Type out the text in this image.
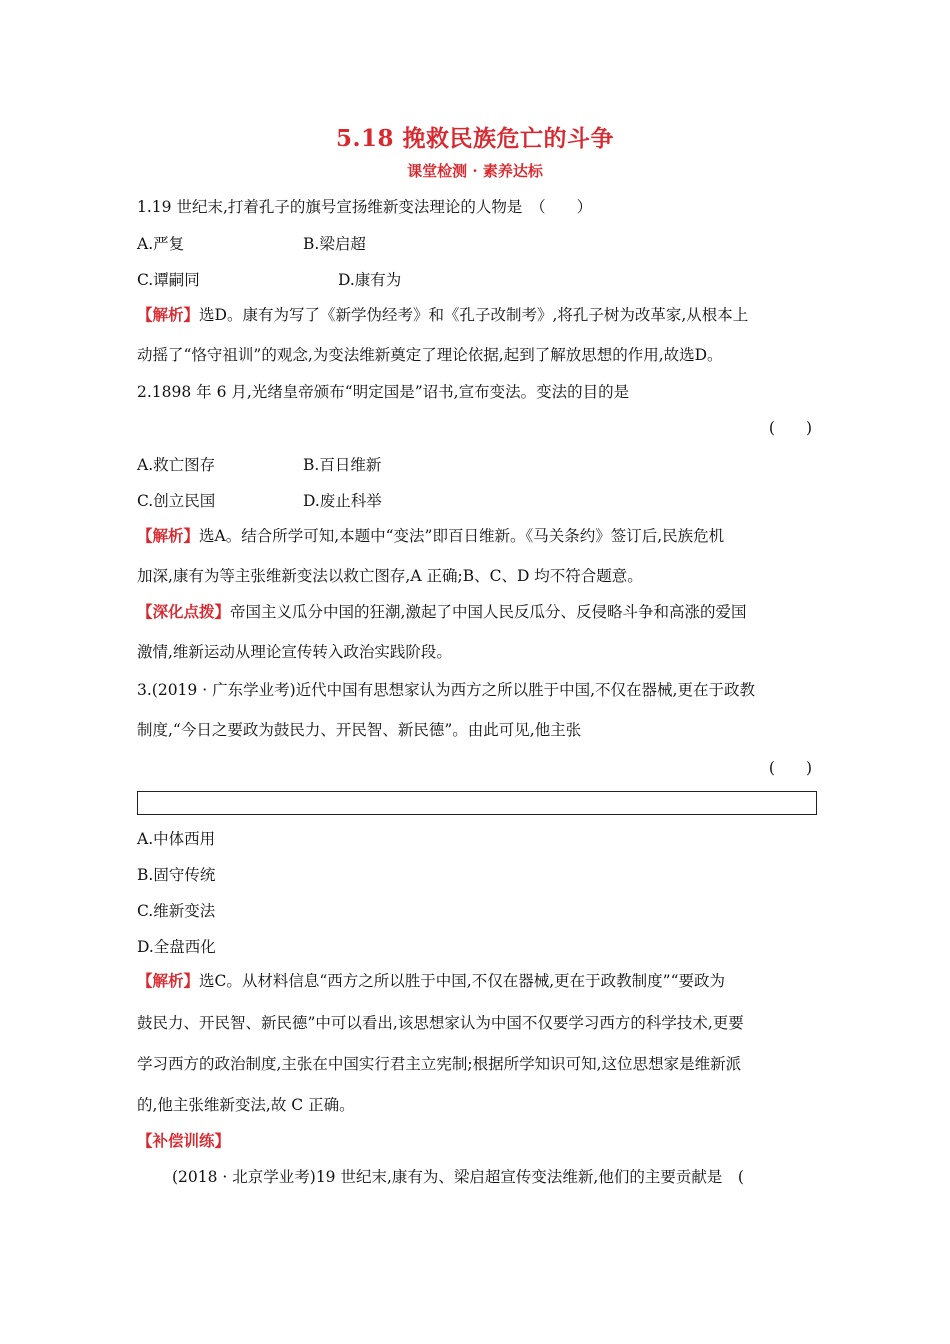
5.18 挽救民族危亡的斗争
课堂检测 · 素养达标
1.19 世纪末,打着孔子的旗号宣扬维新变法理论的人物是　（　　）
A.严复	B.梁启超
C.谭嗣同	D.康有为
【解析】选D。康有为写了《新学伪经考》和《孔子改制考》,将孔子树为改革家,从根本上
动摇了“恪守祖训”的观念,为变法维新奠定了理论依据,起到了解放思想的作用,故选D。
2.1898 年 6 月,光绪皇帝颁布“明定国是”诏书,宣布变法。变法的目的是
(　　)
A.救亡图存	B.百日维新
C.创立民国	D.废止科举
【解析】选A。结合所学可知,本题中“变法”即百日维新。《马关条约》签订后,民族危机
加深,康有为等主张维新变法以救亡图存,A 正确;B、C、D 均不符合题意。
【深化点拨】帝国主义瓜分中国的狂潮,激起了中国人民反瓜分、反侵略斗争和高涨的爱国
激情,维新运动从理论宣传转入政治实践阶段。
3.(2019 · 广东学业考)近代中国有思想家认为西方之所以胜于中国,不仅在器械,更在于政教
制度,“今日之要政为鼓民力、开民智、新民德”。由此可见,他主张
(　　)
A.中体西用
B.固守传统
C.维新变法
D.全盘西化
【解析】选C。从材料信息“西方之所以胜于中国,不仅在器械,更在于政教制度”“要政为
鼓民力、开民智、新民德”中可以看出,该思想家认为中国不仅要学习西方的科学技术,更要
学习西方的政治制度,主张在中国实行君主立宪制;根据所学知识可知,这位思想家是维新派
的,他主张维新变法,故 C 正确。
【补偿训练】
(2018 · 北京学业考)19 世纪末,康有为、梁启超宣传变法维新,他们的主要贡献是　(
